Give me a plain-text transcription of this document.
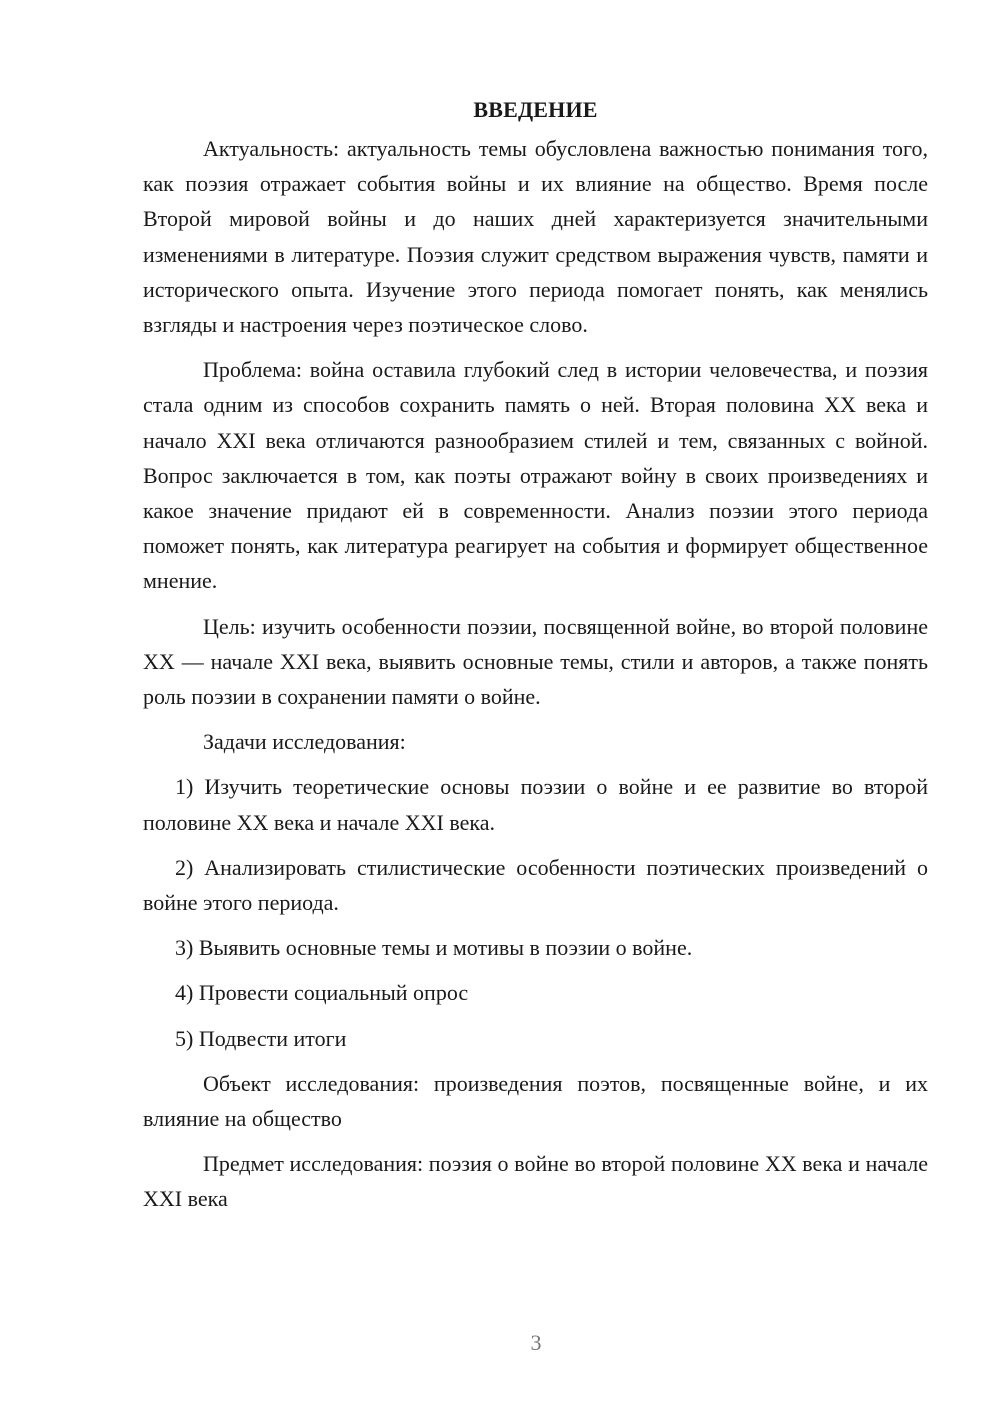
ВВЕДЕНИЕ

Актуальность: актуальность темы обусловлена важностью понимания того, как поэзия отражает события войны и их влияние на общество. Время после Второй мировой войны и до наших дней характеризуется значительными изменениями в литературе. Поэзия служит средством выражения чувств, памяти и исторического опыта. Изучение этого периода помогает понять, как менялись взгляды и настроения через поэтическое слово.

Проблема: война оставила глубокий след в истории человечества, и поэзия стала одним из способов сохранить память о ней. Вторая половина XX века и начало XXI века отличаются разнообразием стилей и тем, связанных с войной. Вопрос заключается в том, как поэты отражают войну в своих произведениях и какое значение придают ей в современности. Анализ поэзии этого периода поможет понять, как литература реагирует на события и формирует общественное мнение.

Цель: изучить особенности поэзии, посвященной войне, во второй половине XX — начале XXI века, выявить основные темы, стили и авторов, а также понять роль поэзии в сохранении памяти о войне.

Задачи исследования:

1) Изучить теоретические основы поэзии о войне и ее развитие во второй половине XX века и начале XXI века.

2) Анализировать стилистические особенности поэтических произведений о войне этого периода.

3) Выявить основные темы и мотивы в поэзии о войне.

4) Провести социальный опрос

5) Подвести итоги

Объект исследования: произведения поэтов, посвященные войне, и их влияние на общество

Предмет исследования: поэзия о войне во второй половине XX века и начале XXI века

3
